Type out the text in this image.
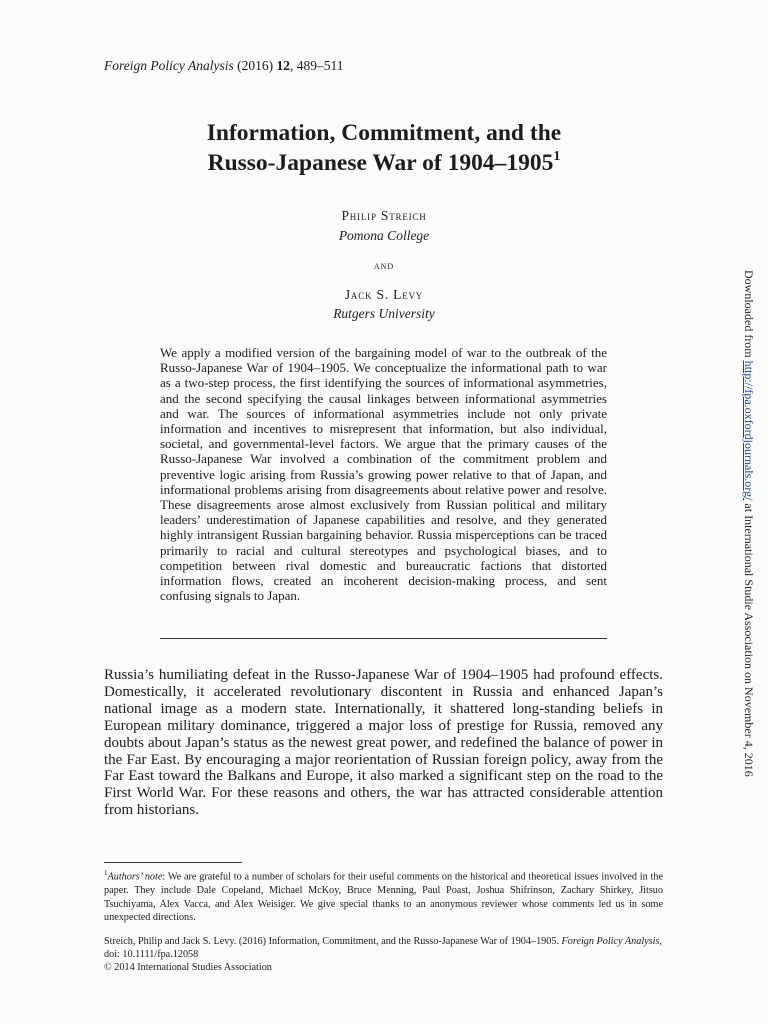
Foreign Policy Analysis (2016) 12, 489–511
Information, Commitment, and the
Russo-Japanese War of 1904–1905$^1$
Philip Streich
Pomona College
and
Jack S. Levy
Rutgers University
We apply a modified version of the bargaining model of war to the outbreak of the Russo-Japanese War of 1904–1905. We conceptualize the informational path to war as a two-step process, the first identifying the sources of informational asymmetries, and the second specifying the causal linkages between informational asymmetries and war. The sources of informational asymmetries include not only private information and incentives to misrepresent that information, but also individual, societal, and governmental-level factors. We argue that the primary causes of the Russo-Japanese War involved a combination of the commitment problem and preventive logic arising from Russia’s growing power relative to that of Japan, and informational problems arising from disagreements about relative power and resolve. These disagreements arose almost exclusively from Russian political and military leaders’ underestimation of Japanese capabilities and resolve, and they generated highly intransigent Russian bargaining behavior. Russia misperceptions can be traced primarily to racial and cultural stereotypes and psychological biases, and to competition between rival domestic and bureaucratic factions that distorted information flows, created an incoherent decision-making process, and sent confusing signals to Japan.
Russia’s humiliating defeat in the Russo-Japanese War of 1904–1905 had profound effects. Domestically, it accelerated revolutionary discontent in Russia and enhanced Japan’s national image as a modern state. Internationally, it shattered long-standing beliefs in European military dominance, triggered a major loss of prestige for Russia, removed any doubts about Japan’s status as the newest great power, and redefined the balance of power in the Far East. By encouraging a major reorientation of Russian foreign policy, away from the Far East toward the Balkans and Europe, it also marked a significant step on the road to the First World War. For these reasons and others, the war has attracted considerable attention from historians.
$^1$Authors’ note: We are grateful to a number of scholars for their useful comments on the historical and theoretical issues involved in the paper. They include Dale Copeland, Michael McKoy, Bruce Menning, Paul Poast, Joshua Shifrinson, Zachary Shirkey, Jitsuo Tsuchiyama, Alex Vacca, and Alex Weisiger. We give special thanks to an anonymous reviewer whose comments led us in some unexpected directions.
Streich, Philip and Jack S. Levy. (2016) Information, Commitment, and the Russo-Japanese War of 1904–1905. Foreign Policy Analysis, doi: 10.1111/fpa.12058
© 2014 International Studies Association
Downloaded from http://fpa.oxfordjournals.org/ at International Studie Association on November 4, 2016
